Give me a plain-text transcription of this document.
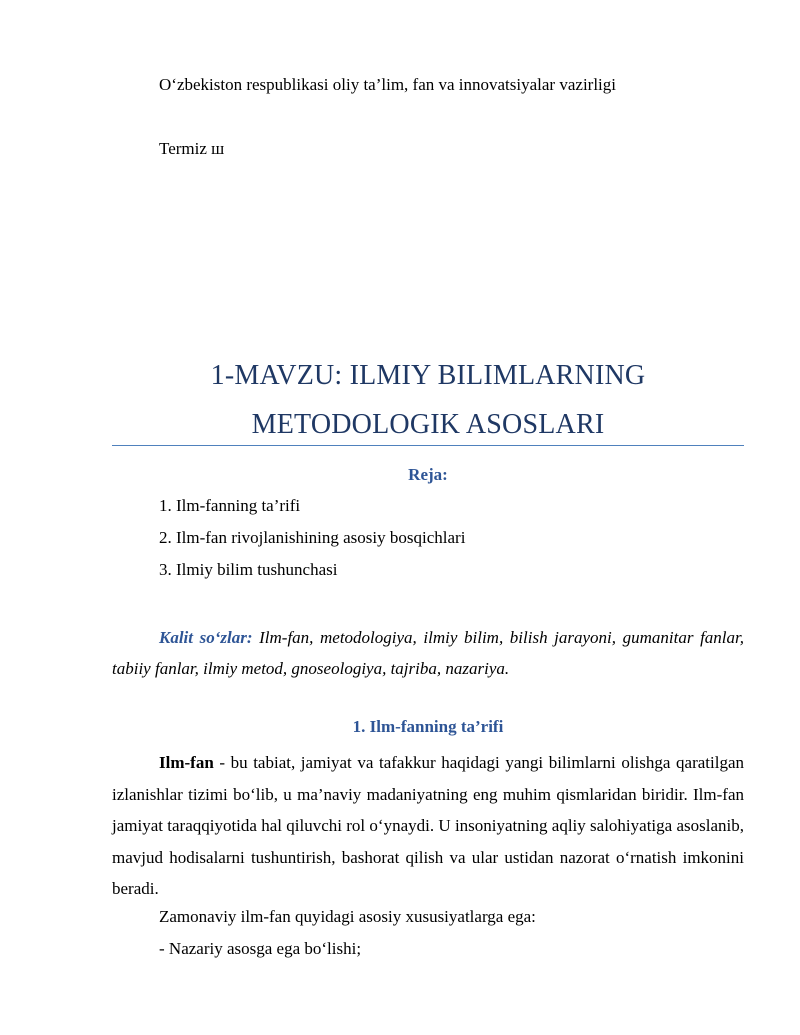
O‘zbekiston respublikasi oliy ta’lim, fan va innovatsiyalar vazirligi
Termiz ш
1-MAVZU: ILMIY BILIMLARNING
METODOLOGIK ASOSLARI
Reja:
1. Ilm-fanning ta’rifi
2. Ilm-fan rivojlanishining asosiy bosqichlari
3. Ilmiy bilim tushunchasi
Kalit so‘zlar: Ilm-fan, metodologiya, ilmiy bilim, bilish jarayoni, gumanitar fanlar, tabiiy fanlar, ilmiy metod, gnoseologiya, tajriba, nazariya.
1. Ilm-fanning ta’rifi
Ilm-fan - bu tabiat, jamiyat va tafakkur haqidagi yangi bilimlarni olishga qaratilgan izlanishlar tizimi bo‘lib, u ma’naviy madaniyatning eng muhim qismlaridan biridir. Ilm-fan jamiyat taraqqiyotida hal qiluvchi rol o‘ynaydi. U insoniyatning aqliy salohiyatiga asoslanib, mavjud hodisalarni tushuntirish, bashorat qilish va ular ustidan nazorat o‘rnatish imkonini beradi.
Zamonaviy ilm-fan quyidagi asosiy xususiyatlarga ega:
- Nazariy asosga ega bo‘lishi;
